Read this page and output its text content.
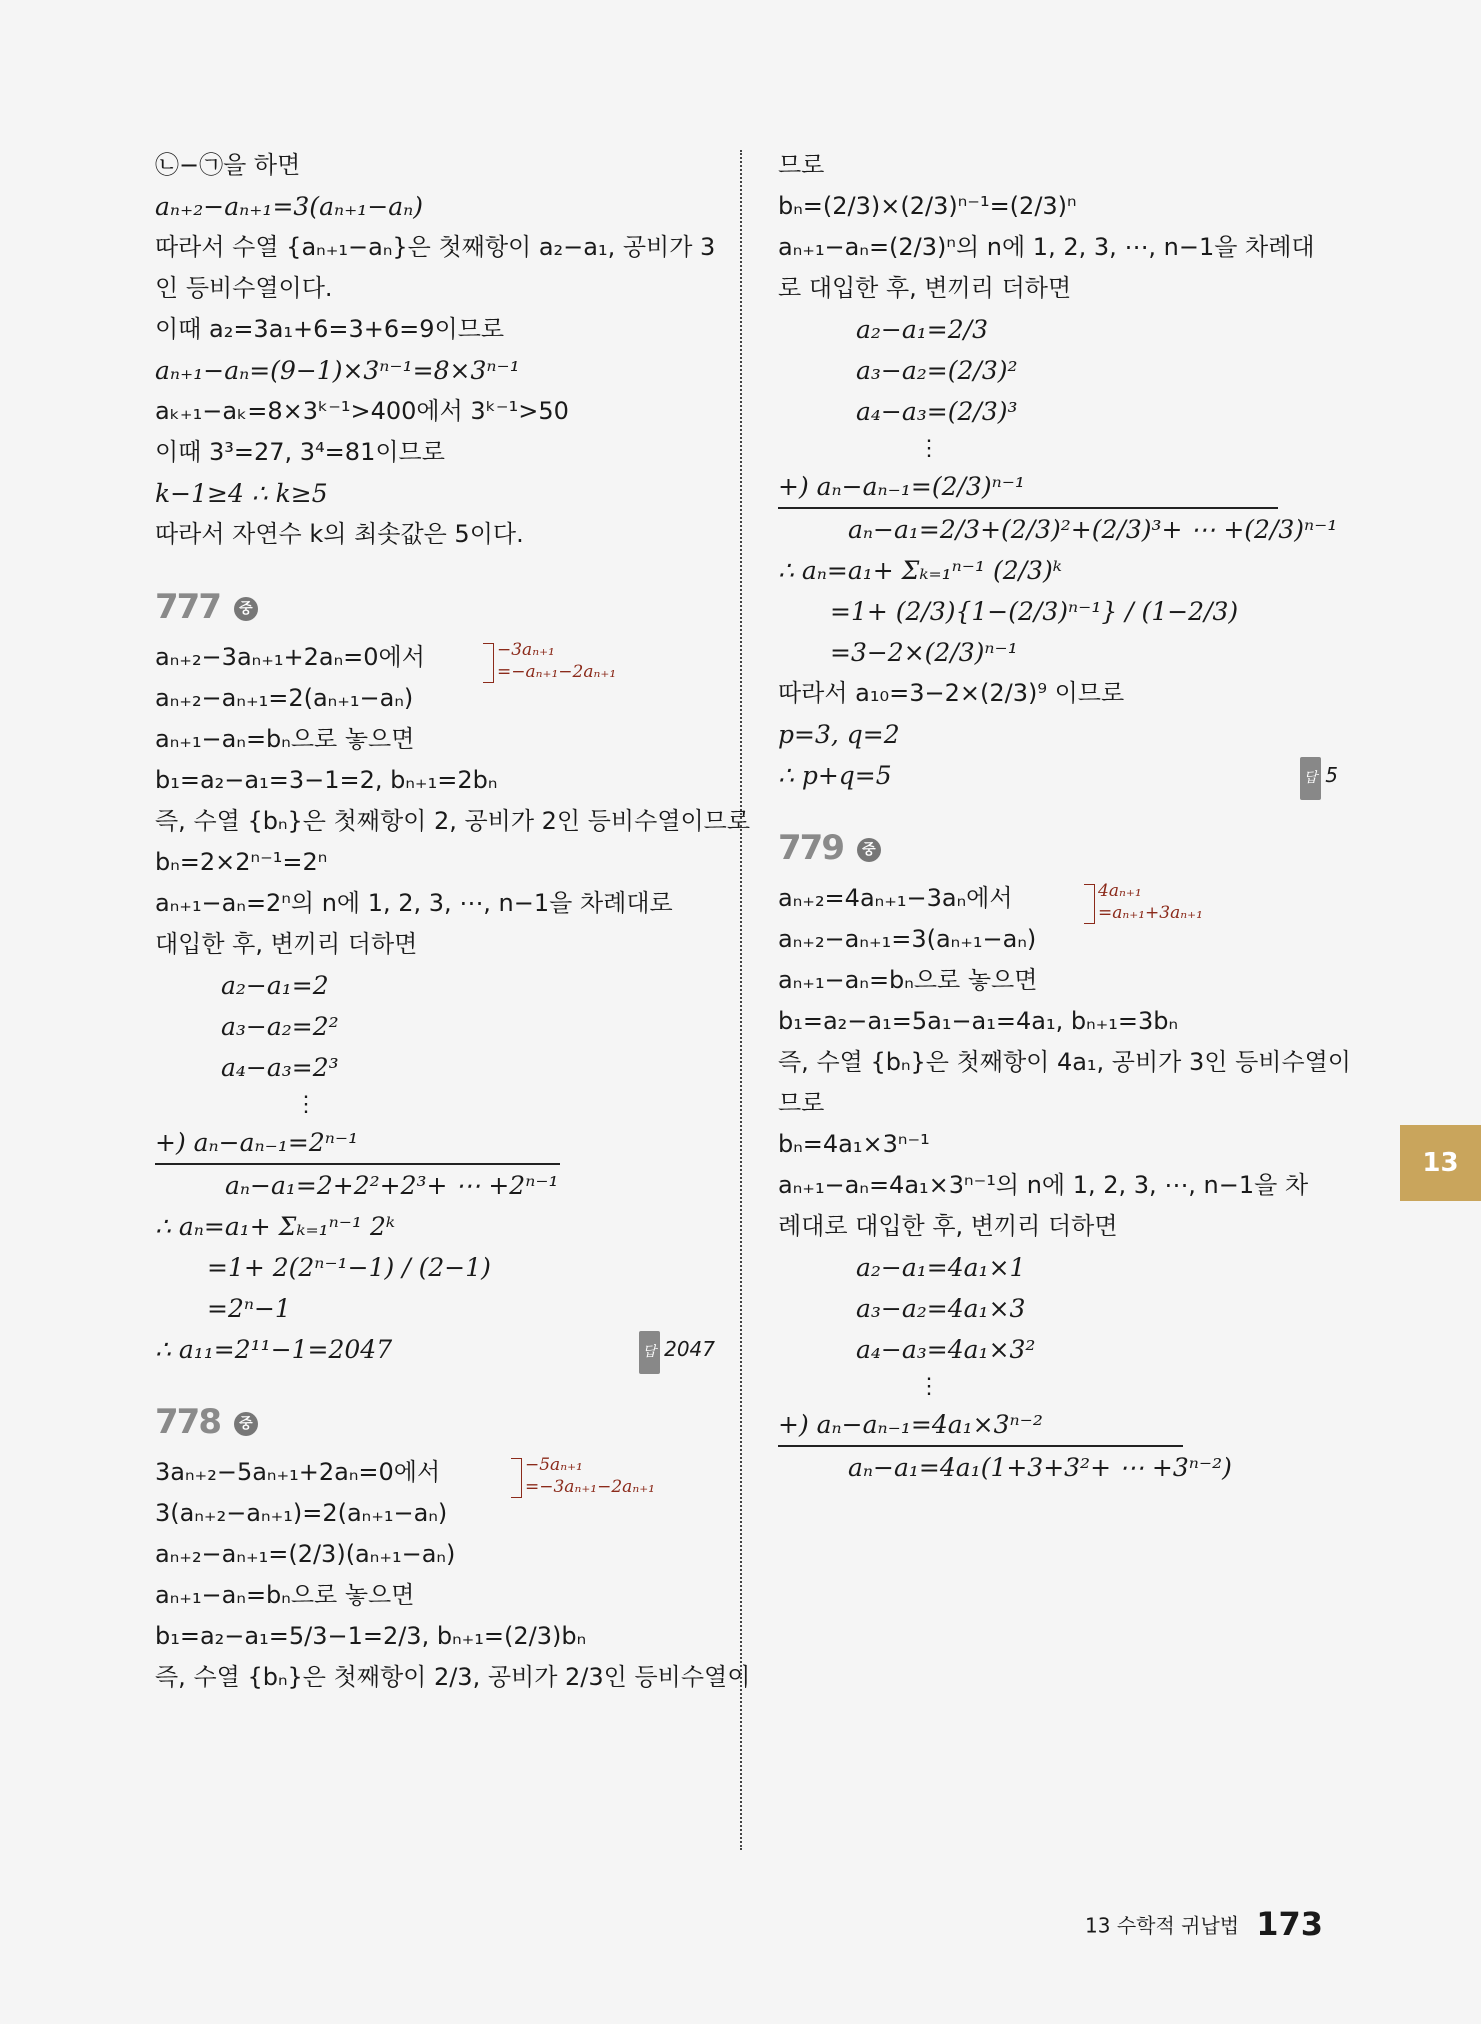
㉡−㉠을 하면
aₙ₊₂−aₙ₊₁=3(aₙ₊₁−aₙ)
따라서 수열 {aₙ₊₁−aₙ}은 첫째항이 a₂−a₁, 공비가 3
인 등비수열이다.
이때 a₂=3a₁+6=3+6=9이므로
aₙ₊₁−aₙ=(9−1)×3ⁿ⁻¹=8×3ⁿ⁻¹
aₖ₊₁−aₖ=8×3ᵏ⁻¹>400에서 3ᵏ⁻¹>50
이때 3³=27, 3⁴=81이므로
k−1≥4 ∴ k≥5
따라서 자연수 k의 최솟값은 5이다.
777 중
−3aₙ₊₁
=−aₙ₊₁−2aₙ₊₁
aₙ₊₂−3aₙ₊₁+2aₙ=0에서
aₙ₊₂−aₙ₊₁=2(aₙ₊₁−aₙ)
aₙ₊₁−aₙ=bₙ으로 놓으면
b₁=a₂−a₁=3−1=2, bₙ₊₁=2bₙ
즉, 수열 {bₙ}은 첫째항이 2, 공비가 2인 등비수열이므로
bₙ=2×2ⁿ⁻¹=2ⁿ
aₙ₊₁−aₙ=2ⁿ의 n에 1, 2, 3, ⋯, n−1을 차례대로
대입한 후, 변끼리 더하면
a₂−a₁=2
a₃−a₂=2²
a₄−a₃=2³
⋮
+) aₙ−aₙ₋₁=2ⁿ⁻¹
aₙ−a₁=2+2²+2³+ ⋯ +2ⁿ⁻¹
∴ aₙ=a₁+ Σₖ₌₁ⁿ⁻¹ 2ᵏ
=1+ 2(2ⁿ⁻¹−1) / (2−1)
=2ⁿ−1
∴ a₁₁=2¹¹−1=2047	답 2047
778 중
−5aₙ₊₁
=−3aₙ₊₁−2aₙ₊₁
3aₙ₊₂−5aₙ₊₁+2aₙ=0에서
3(aₙ₊₂−aₙ₊₁)=2(aₙ₊₁−aₙ)
aₙ₊₂−aₙ₊₁=(2/3)(aₙ₊₁−aₙ)
aₙ₊₁−aₙ=bₙ으로 놓으면
b₁=a₂−a₁=5/3−1=2/3, bₙ₊₁=(2/3)bₙ
즉, 수열 {bₙ}은 첫째항이 2/3, 공비가 2/3인 등비수열이
므로
bₙ=(2/3)×(2/3)ⁿ⁻¹=(2/3)ⁿ
aₙ₊₁−aₙ=(2/3)ⁿ의 n에 1, 2, 3, ⋯, n−1을 차례대
로 대입한 후, 변끼리 더하면
a₂−a₁=2/3
a₃−a₂=(2/3)²
a₄−a₃=(2/3)³
⋮
+) aₙ−aₙ₋₁=(2/3)ⁿ⁻¹
aₙ−a₁=2/3+(2/3)²+(2/3)³+ ⋯ +(2/3)ⁿ⁻¹
∴ aₙ=a₁+ Σₖ₌₁ⁿ⁻¹ (2/3)ᵏ
=1+ (2/3){1−(2/3)ⁿ⁻¹} / (1−2/3)
=3−2×(2/3)ⁿ⁻¹
따라서 a₁₀=3−2×(2/3)⁹ 이므로
p=3, q=2
∴ p+q=5	답 5
779 중
4aₙ₊₁
=aₙ₊₁+3aₙ₊₁
aₙ₊₂=4aₙ₊₁−3aₙ에서
aₙ₊₂−aₙ₊₁=3(aₙ₊₁−aₙ)
aₙ₊₁−aₙ=bₙ으로 놓으면
b₁=a₂−a₁=5a₁−a₁=4a₁, bₙ₊₁=3bₙ
즉, 수열 {bₙ}은 첫째항이 4a₁, 공비가 3인 등비수열이
므로
bₙ=4a₁×3ⁿ⁻¹
aₙ₊₁−aₙ=4a₁×3ⁿ⁻¹의 n에 1, 2, 3, ⋯, n−1을 차
례대로 대입한 후, 변끼리 더하면
a₂−a₁=4a₁×1
a₃−a₂=4a₁×3
a₄−a₃=4a₁×3²
⋮
+) aₙ−aₙ₋₁=4a₁×3ⁿ⁻²
aₙ−a₁=4a₁(1+3+3²+ ⋯ +3ⁿ⁻²)
13
13 수학적 귀납법 173
